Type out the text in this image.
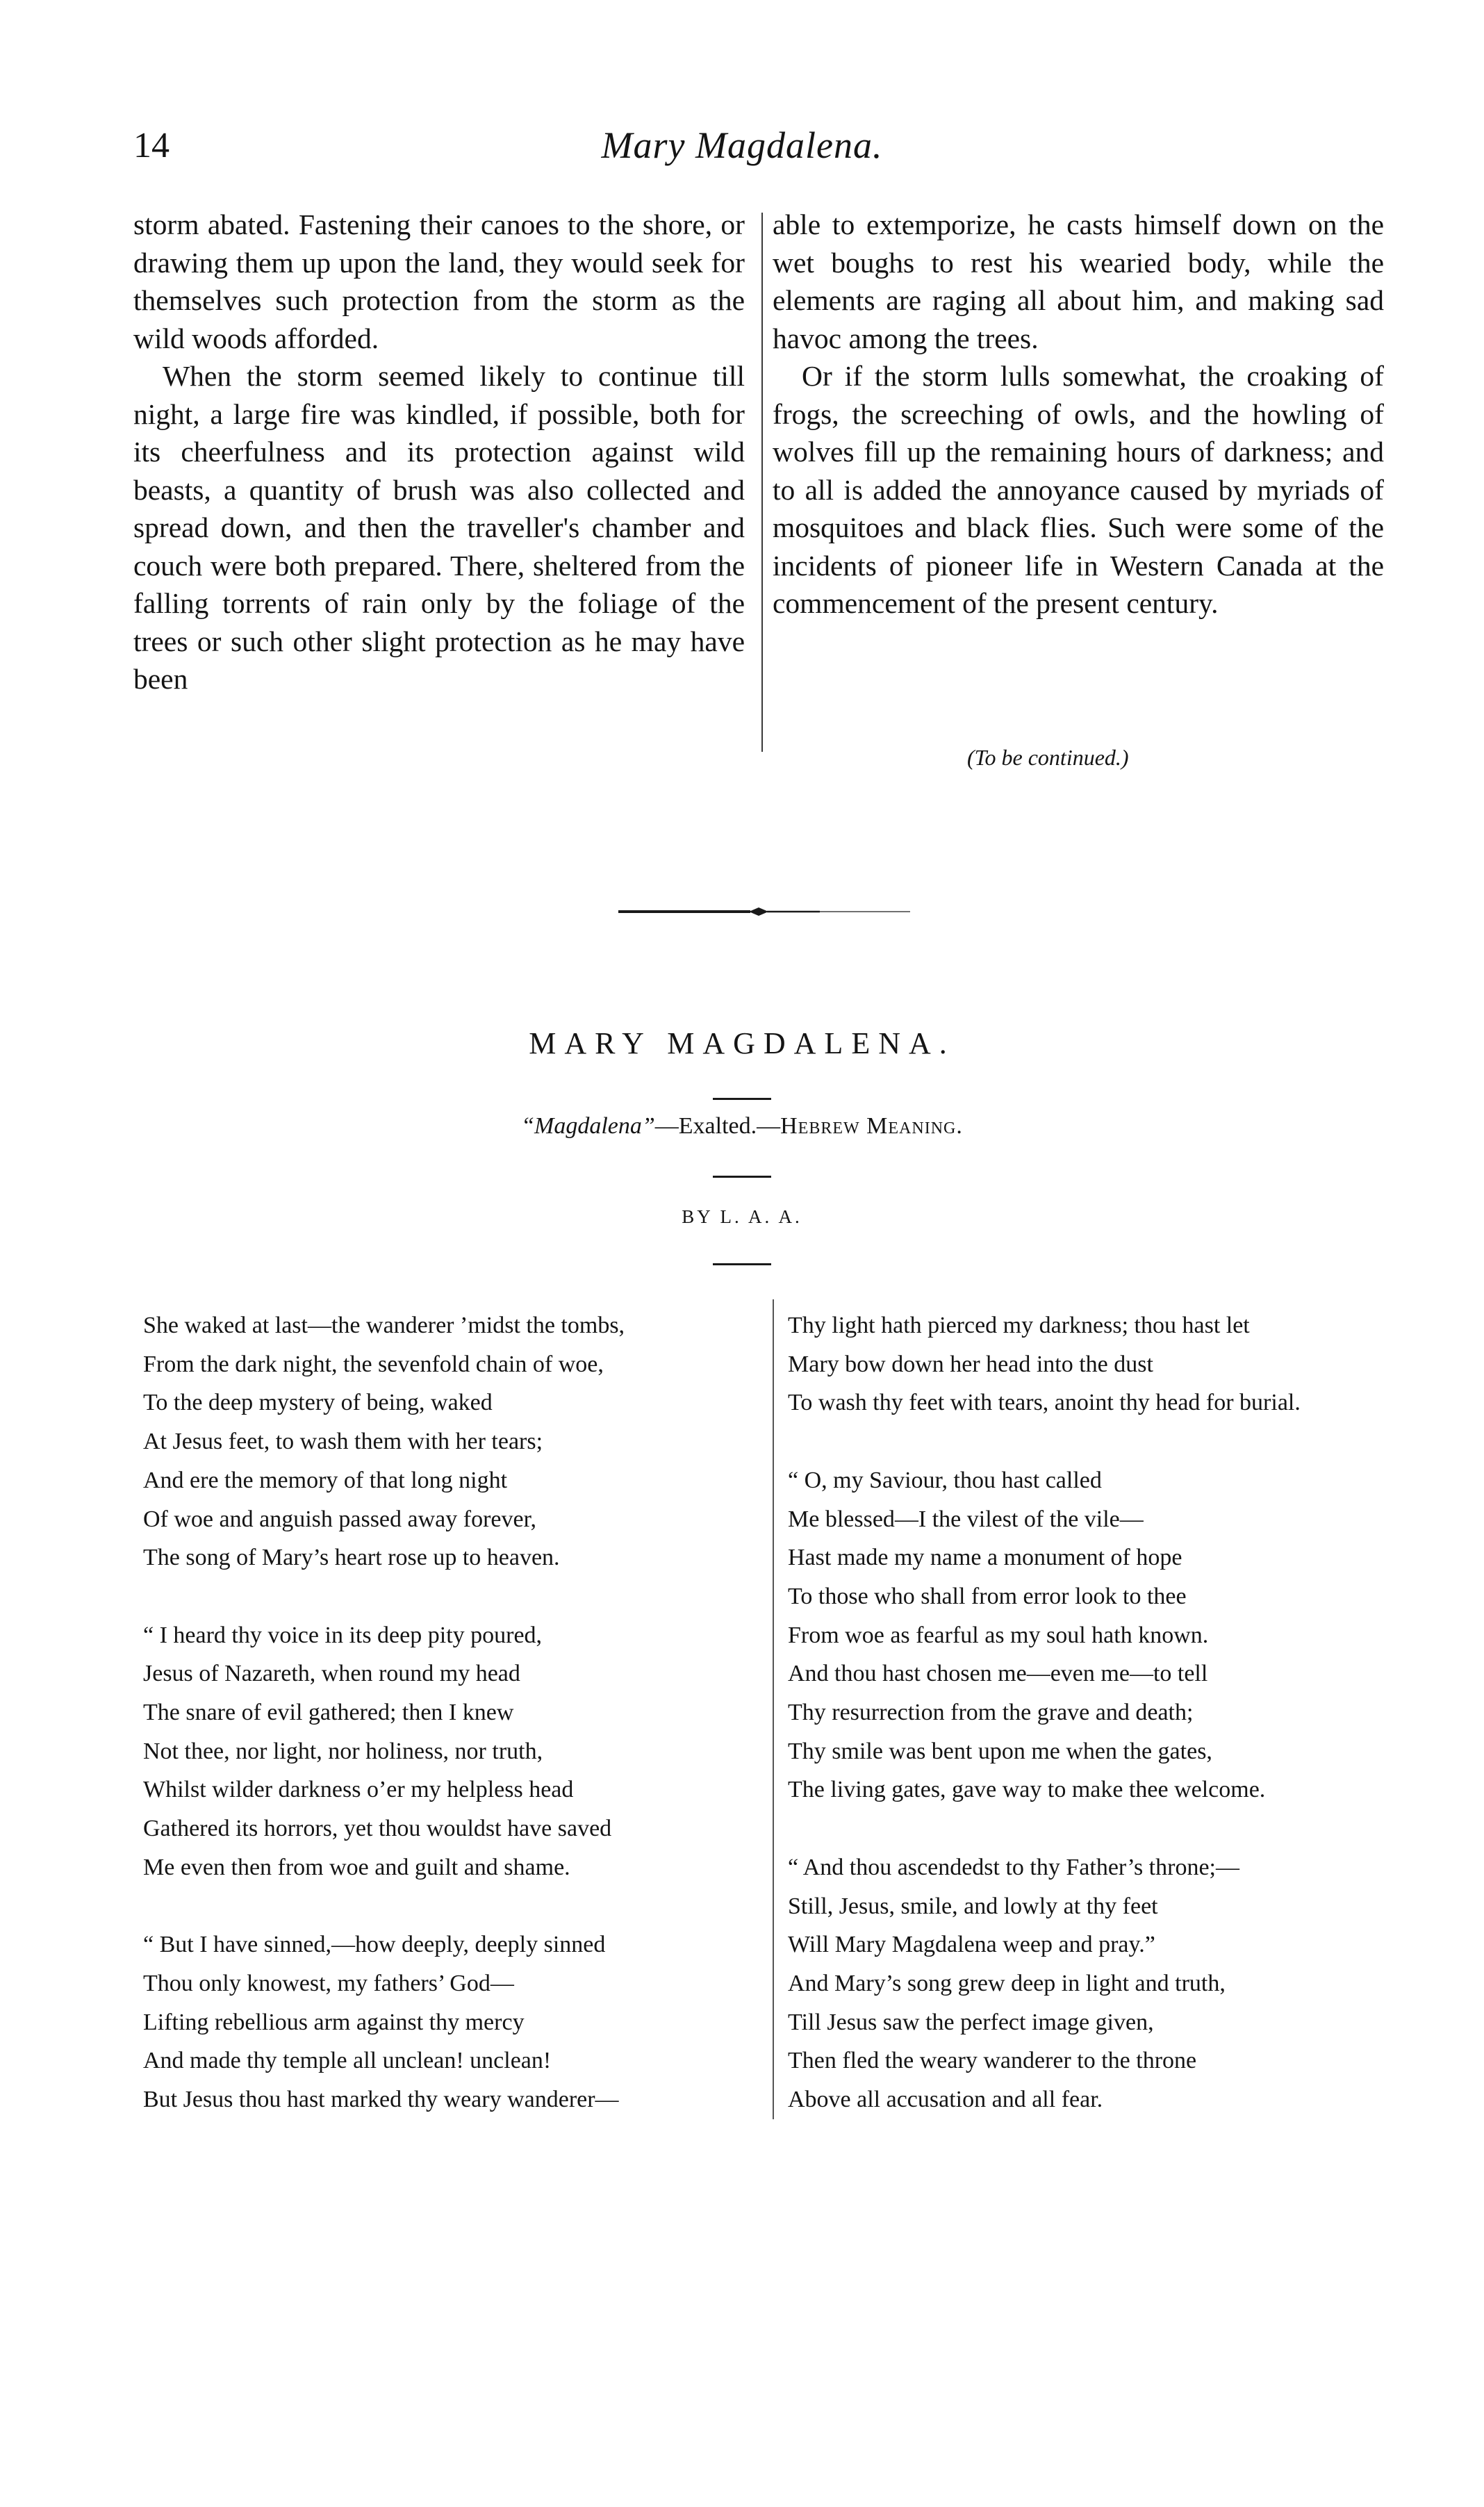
14	Mary Magdalena.

storm abated. Fastening their canoes to the shore, or drawing them up upon the land, they would seek for themselves such protection from the storm as the wild woods afforded.

When the storm seemed likely to continue till night, a large fire was kindled, if possible, both for its cheerfulness and its protection against wild beasts, a quantity of brush was also collected and spread down, and then the traveller's chamber and couch were both prepared. There, sheltered from the falling torrents of rain only by the foliage of the trees or such other slight protection as he may have been

able to extemporize, he casts himself down on the wet boughs to rest his wearied body, while the elements are raging all about him, and making sad havoc among the trees.

Or if the storm lulls somewhat, the croaking of frogs, the screeching of owls, and the howling of wolves fill up the remaining hours of darkness; and to all is added the annoyance caused by myriads of mosquitoes and black flies. Such were some of the incidents of pioneer life in Western Canada at the commencement of the present century.

(To be continued.)
MARY MAGDALENA.
“Magdalena”—Exalted.—Hebrew Meaning.
BY L. A. A.
She waked at last—the wanderer ’midst the tombs,
From the dark night, the sevenfold chain of woe,
To the deep mystery of being, waked
At Jesus feet, to wash them with her tears;
And ere the memory of that long night
Of woe and anguish passed away forever,
The song of Mary’s heart rose up to heaven.
“ I heard thy voice in its deep pity poured,
Jesus of Nazareth, when round my head
The snare of evil gathered; then I knew
Not thee, nor light, nor holiness, nor truth,
Whilst wilder darkness o’er my helpless head
Gathered its horrors, yet thou wouldst have saved
Me even then from woe and guilt and shame.
“ But I have sinned,—how deeply, deeply sinned
Thou only knowest, my fathers’ God—
Lifting rebellious arm against thy mercy
And made thy temple all unclean! unclean!
But Jesus thou hast marked thy weary wanderer—
Thy light hath pierced my darkness; thou hast let
Mary bow down her head into the dust
To wash thy feet with tears, anoint thy head for burial.
“ O, my Saviour, thou hast called
Me blessed—I the vilest of the vile—
Hast made my name a monument of hope
To those who shall from error look to thee
From woe as fearful as my soul hath known.
And thou hast chosen me—even me—to tell
Thy resurrection from the grave and death;
Thy smile was bent upon me when the gates,
The living gates, gave way to make thee welcome.
“ And thou ascendedst to thy Father’s throne;—
Still, Jesus, smile, and lowly at thy feet
Will Mary Magdalena weep and pray.”
And Mary’s song grew deep in light and truth,
Till Jesus saw the perfect image given,
Then fled the weary wanderer to the throne
Above all accusation and all fear.
